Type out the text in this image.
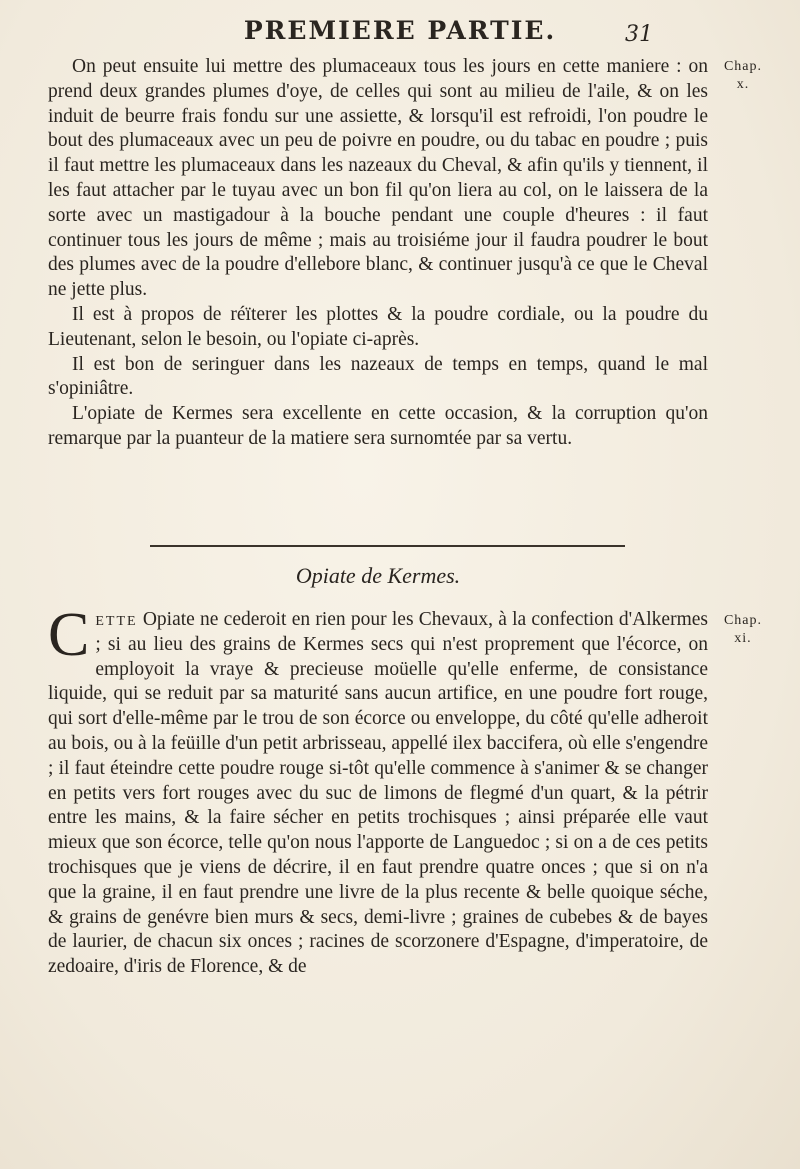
PREMIERE PARTIE.	31
Chap.
x.

On peut ensuite lui mettre des plumaceaux tous les jours en cette maniere : on prend deux grandes plumes d'oye, de celles qui sont au milieu de l'aile, & on les induit de beurre frais fondu sur une assiette, & lorsqu'il est refroidi, l'on poudre le bout des plumaceaux avec un peu de poivre en poudre, ou du tabac en poudre ; puis il faut mettre les plumaceaux dans les nazeaux du Cheval, & afin qu'ils y tiennent, il les faut attacher par le tuyau avec un bon fil qu'on liera au col, on le laissera de la sorte avec un mastigadour à la bouche pendant une couple d'heures : il faut continuer tous les jours de même ; mais au troisiéme jour il faudra poudrer le bout des plumes avec de la poudre d'ellebore blanc, & continuer jusqu'à ce que le Cheval ne jette plus.

Il est à propos de réïterer les plottes & la poudre cordiale, ou la poudre du Lieutenant, selon le besoin, ou l'opiate ci-après.

Il est bon de seringuer dans les nazeaux de temps en temps, quand le mal s'opiniâtre.

L'opiate de Kermes sera excellente en cette occasion, & la corruption qu'on remarque par la puanteur de la matiere sera surnomtée par sa vertu.

Opiate de Kermes.
Chap.
xi.

Cette Opiate ne cederoit en rien pour les Chevaux, à la confection d'Alkermes ; si au lieu des grains de Kermes secs qui n'est proprement que l'écorce, on employoit la vraye & precieuse moüelle qu'elle enferme, de consistance liquide, qui se reduit par sa maturité sans aucun artifice, en une poudre fort rouge, qui sort d'elle-même par le trou de son écorce ou enveloppe, du côté qu'elle adheroit au bois, ou à la feüille d'un petit arbrisseau, appellé ilex baccifera, où elle s'engendre ; il faut éteindre cette poudre rouge si-tôt qu'elle commence à s'animer & se changer en petits vers fort rouges avec du suc de limons de flegmé d'un quart, & la pétrir entre les mains, & la faire sécher en petits trochisques ; ainsi préparée elle vaut mieux que son écorce, telle qu'on nous l'apporte de Languedoc ; si on a de ces petits trochisques que je viens de décrire, il en faut prendre quatre onces ; que si on n'a que la graine, il en faut prendre une livre de la plus recente & belle quoique séche, & grains de genévre bien murs & secs, demi-livre ; graines de cubebes & de bayes de laurier, de chacun six onces ; racines de scorzonere d'Espagne, d'imperatoire, de zedoaire, d'iris de Florence, & de
